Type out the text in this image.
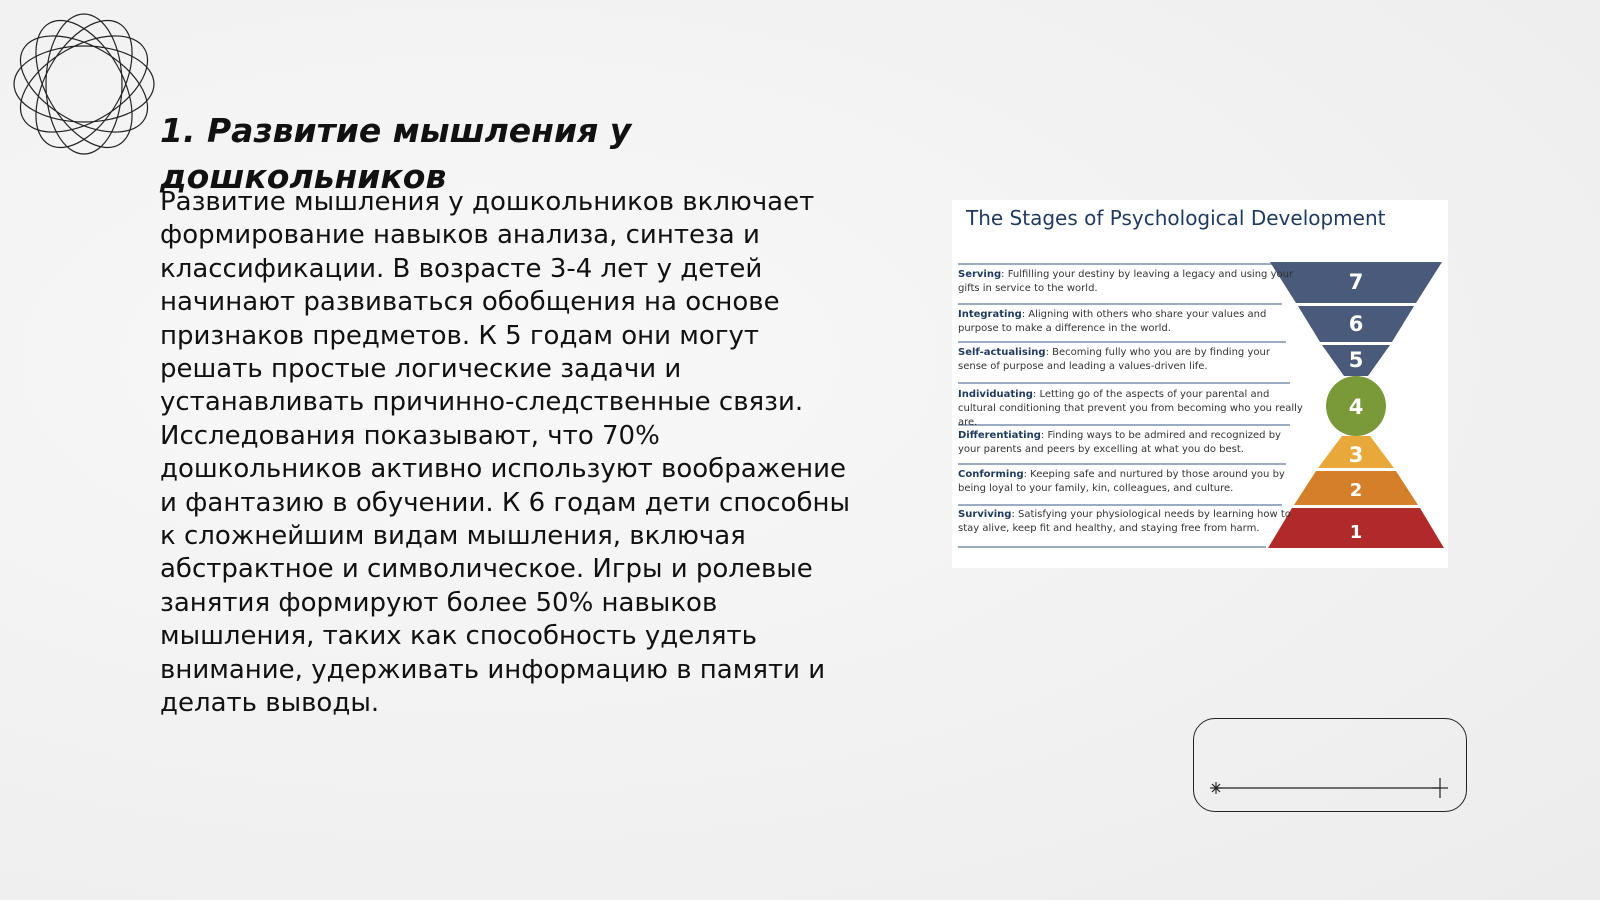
1. Развитие мышления у дошкольников

Развитие мышления у дошкольников включает формирование навыков анализа, синтеза и классификации. В возрасте 3-4 лет у детей начинают развиваться обобщения на основе признаков предметов. К 5 годам они могут решать простые логические задачи и устанавливать причинно-следственные связи. Исследования показывают, что 70% дошкольников активно используют воображение и фантазию в обучении. К 6 годам дети способны к сложнейшим видам мышления, включая абстрактное и символическое. Игры и ролевые занятия формируют более 50% навыков мышления, таких как способность уделять внимание, удерживать информацию в памяти и делать выводы.

The Stages of Psychological Development
7
6
5
4
3
2
1
Serving: Fulfilling your destiny by leaving a legacy and using your gifts in service to the world.
Integrating: Aligning with others who share your values and purpose to make a difference in the world.
Self-actualising: Becoming fully who you are by finding your sense of purpose and leading a values-driven life.
Individuating: Letting go of the aspects of your parental and cultural conditioning that prevent you from becoming who you really are.
Differentiating: Finding ways to be admired and recognized by your parents and peers by excelling at what you do best.
Conforming: Keeping safe and nurtured by those around you by being loyal to your family, kin, colleagues, and culture.
Surviving: Satisfying your physiological needs by learning how to stay alive, keep fit and healthy, and staying free from harm.
